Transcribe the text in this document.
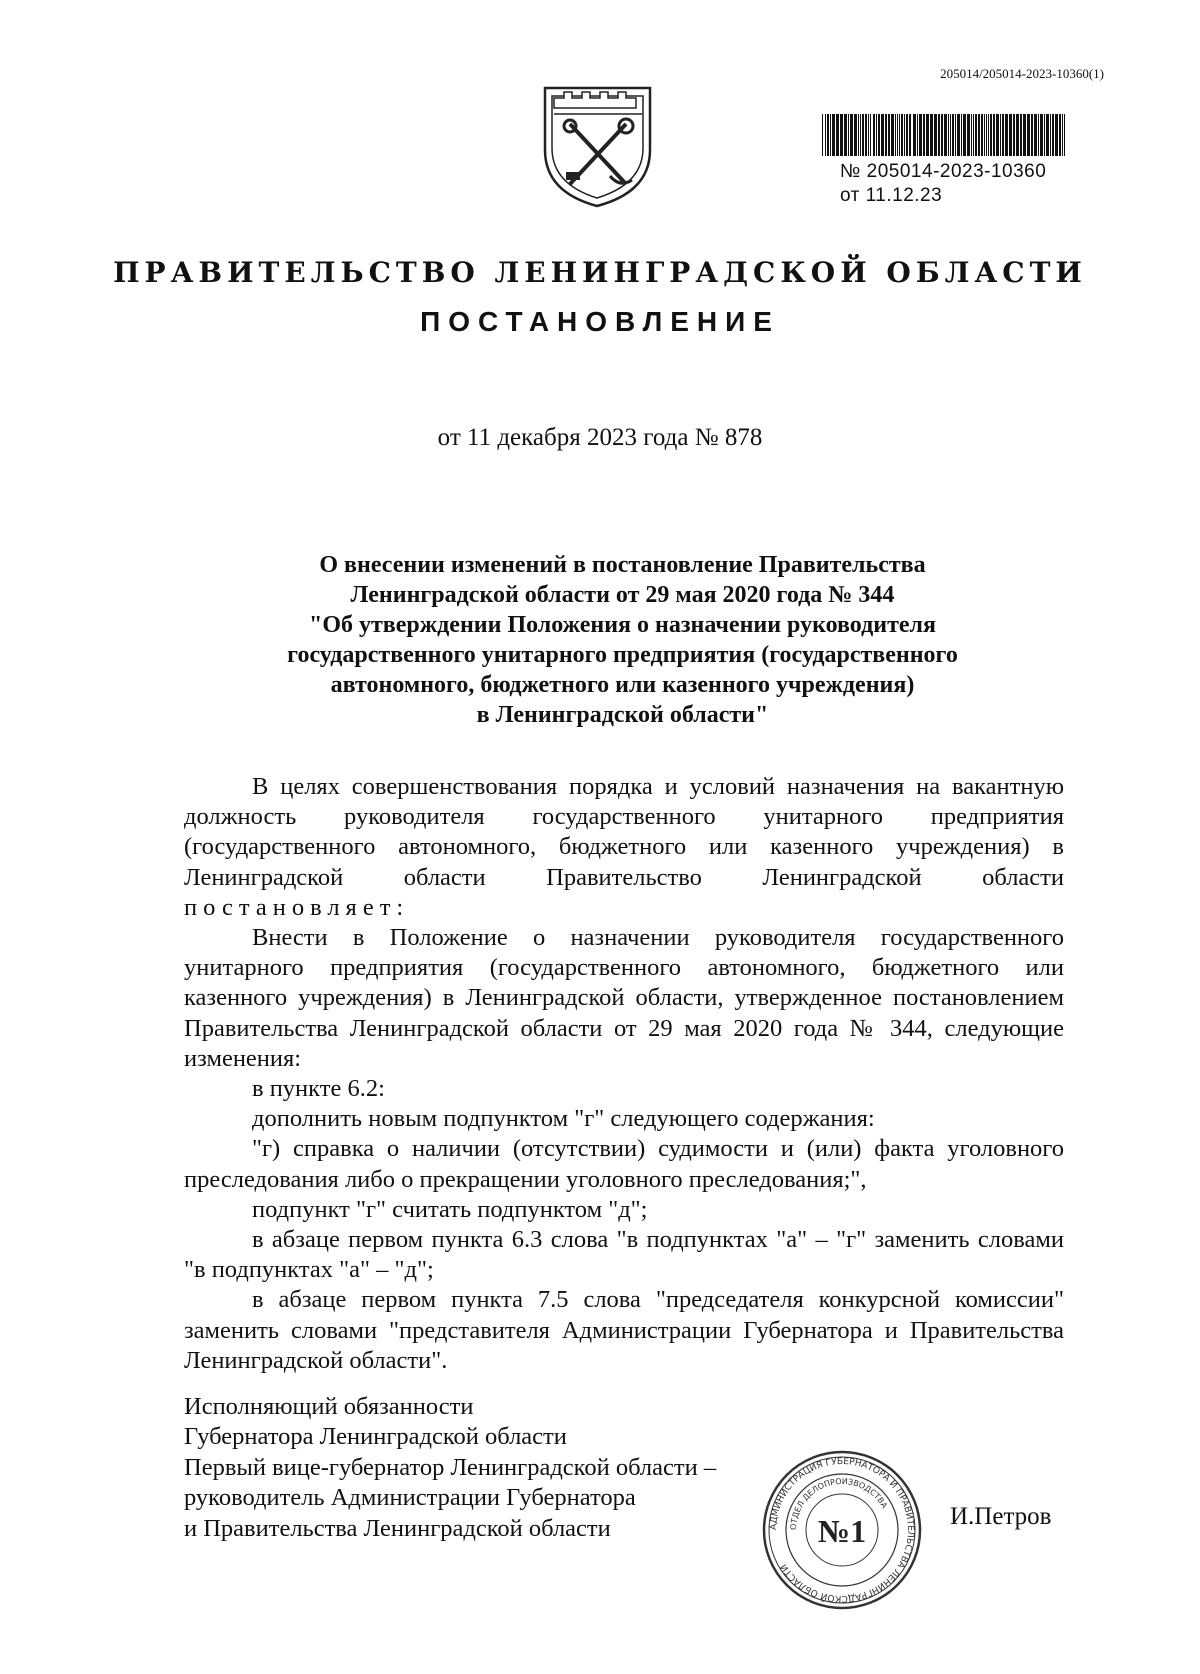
205014/205014-2023-10360(1)
№ 205014-2023-10360
от 11.12.23
ПРАВИТЕЛЬСТВО ЛЕНИНГРАДСКОЙ ОБЛАСТИ
ПОСТАНОВЛЕНИЕ
от 11 декабря 2023 года № 878
О внесении изменений в постановление Правительства
Ленинградской области от 29 мая 2020 года № 344
"Об утверждении Положения о назначении руководителя
государственного унитарного предприятия (государственного
автономного, бюджетного или казенного учреждения)
в Ленинградской области"

В целях совершенствования порядка и условий назначения на вакантную должность руководителя государственного унитарного предприятия (государственного автономного, бюджетного или казенного учреждения) в Ленинградской области Правительство Ленинградской области постановляет:

Внести в Положение о назначении руководителя государственного унитарного предприятия (государственного автономного, бюджетного или казенного учреждения) в Ленинградской области, утвержденное постановлением Правительства Ленинградской области от 29 мая 2020 года № 344, следующие изменения:

в пункте 6.2:

дополнить новым подпунктом "г" следующего содержания:

"г) справка о наличии (отсутствии) судимости и (или) факта уголовного преследования либо о прекращении уголовного преследования;",

подпункт "г" считать подпунктом "д";

в абзаце первом пункта 6.3 слова "в подпунктах "а" – "г" заменить словами "в подпунктах "а" – "д";

в абзаце первом пункта 7.5 слова "председателя конкурсной комиссии" заменить словами "представителя Администрации Губернатора и Правительства Ленинградской области".

Исполняющий обязанности
Губернатора Ленинградской области
Первый вице-губернатор Ленинградской области –
руководитель Администрации Губернатора
и Правительства Ленинградской области	АДМИНИСТРАЦИЯ ГУБЕРНАТОРА И ПРАВИТЕЛЬСТВА ЛЕНИНГРАДСКОЙ ОБЛАСТИ
ОТДЕЛ ДЕЛОПРОИЗВОДСТВА
№1	И.Петров
